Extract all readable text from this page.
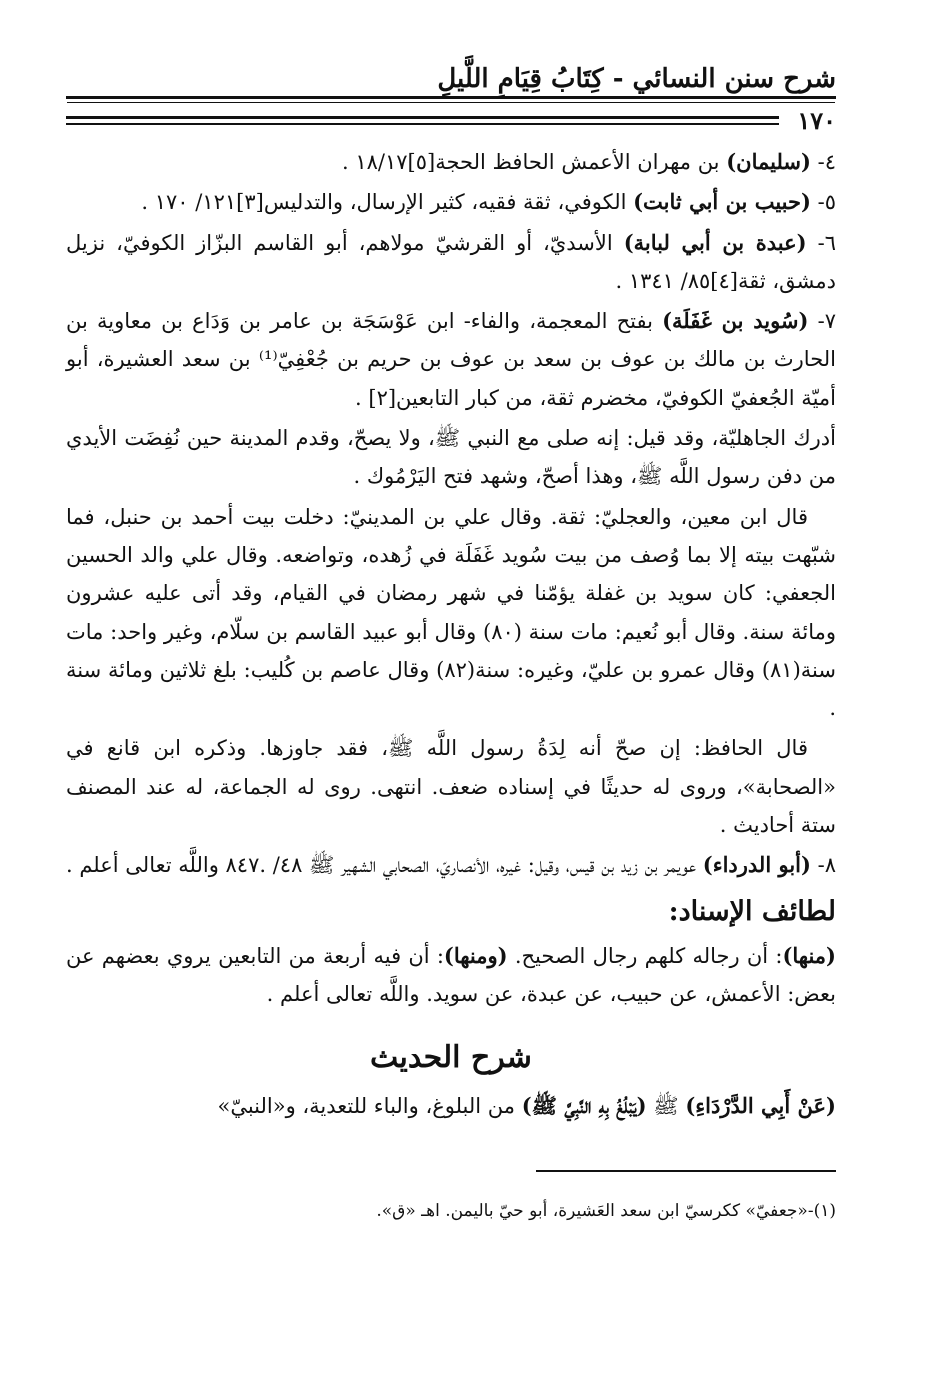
شرح سنن النسائي - كِتَابُ قِيَامِ اللَّيلِ
١٧٠

٤- (سليمان) بن مهران الأعمش الحافظ الحجة[٥]١٨/١٧ .

٥- (حبيب بن أبي ثابت) الكوفي، ثقة فقيه، كثير الإرسال، والتدليس[٣]١٢١/ ١٧٠ .

٦- (عبدة بن أبي لبابة) الأسديّ، أو القرشيّ مولاهم، أبو القاسم البزّاز الكوفيّ، نزيل دمشق، ثقة[٤]٨٥/ ١٣٤١ .

٧- (سُويد بن غَفَلَة) بفتح المعجمة، والفاء- ابن عَوْسَجَة بن عامر بن وَدَاع بن معاوية بن الحارث بن مالك بن عوف بن سعد بن عوف بن حريم بن جُعْفِيّ⁽¹⁾ بن سعد العشيرة، أبو أميّة الجُعفيّ الكوفيّ، مخضرم ثقة، من كبار التابعين[٢] .

أدرك الجاهليّة، وقد قيل: إنه صلى مع النبي ﷺ، ولا يصحّ، وقدم المدينة حين نُفِضَت الأيدي من دفن رسول اللَّه ﷺ، وهذا أصحّ، وشهد فتح اليَرْمُوك .

قال ابن معين، والعجليّ: ثقة. وقال علي بن المدينيّ: دخلت بيت أحمد بن حنبل، فما شبّهت بيته إلا بما وُصف من بيت سُويد غَفَلَة في زُهده، وتواضعه. وقال علي والد الحسين الجعفي: كان سويد بن غفلة يؤمّنا في شهر رمضان في القيام، وقد أتى عليه عشرون ومائة سنة. وقال أبو نُعيم: مات سنة (٨٠) وقال أبو عبيد القاسم بن سلّام، وغير واحد: مات سنة(٨١) وقال عمرو بن عليّ، وغيره: سنة(٨٢) وقال عاصم بن كُليب: بلغ ثلاثين ومائة سنة .

قال الحافظ: إن صحّ أنه لِدَةُ رسول اللَّه ﷺ، فقد جاوزها. وذكره ابن قانع في «الصحابة»، وروى له حديثًا في إسناده ضعف. انتهى. روى له الجماعة، له عند المصنف ستة أحاديث .

٨- (أبو الدرداء) عويمر بن زيد بن قيس، وقيل: غيره، الأنصاريّ، الصحابي الشهير ﷺ ٤٨/ .٨٤٧ واللَّه تعالى أعلم .

لطائف الإسناد:

(منها): أن رجاله كلهم رجال الصحيح. (ومنها): أن فيه أربعة من التابعين يروي بعضهم عن بعض: الأعمش، عن حبيب، عن عبدة، عن سويد. واللَّه تعالى أعلم .

شرح الحديث

(عَنْ أَبِي الدَّرْدَاءِ) ﷺ (يَبْلُغُ بِهِ النَّبِيَّ ﷺ) من البلوغ، والباء للتعدية، و«النبيّ»

(١)-«جعفيّ» ككرسيّ ابن سعد العَشيرة، أبو حيّ باليمن. اهـ «ق».
